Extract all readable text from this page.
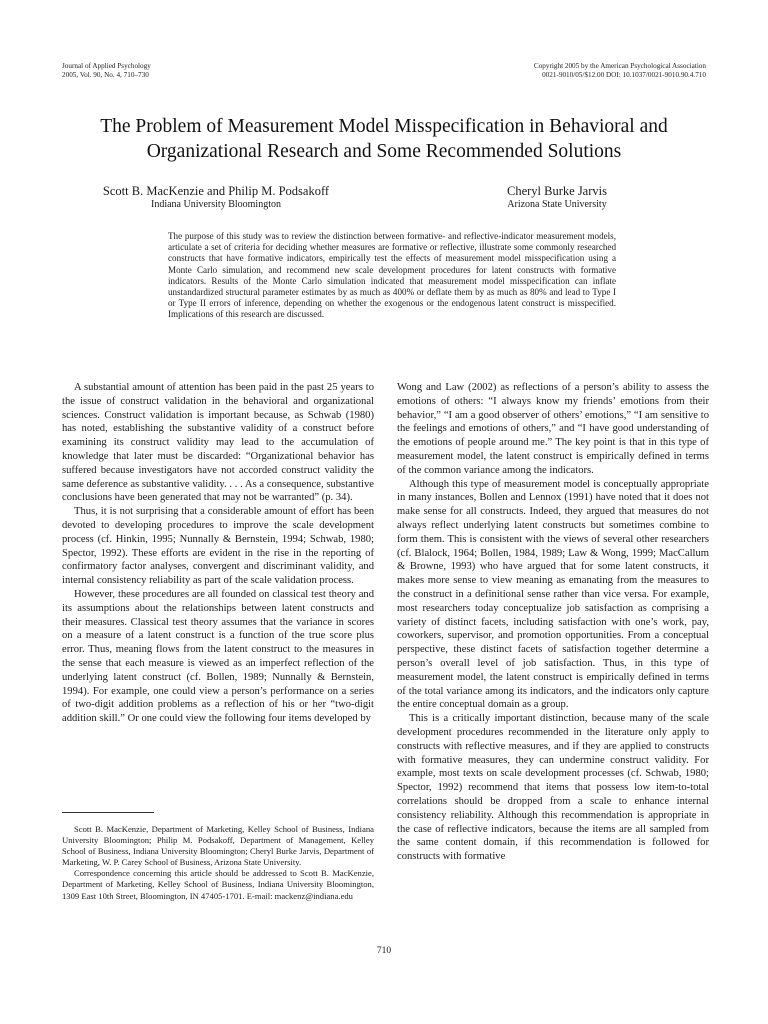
Journal of Applied Psychology
2005, Vol. 90, No. 4, 710–730
Copyright 2005 by the American Psychological Association
0021-9010/05/$12.00 DOI: 10.1037/0021-9010.90.4.710
The Problem of Measurement Model Misspecification in Behavioral and
Organizational Research and Some Recommended Solutions
Scott B. MacKenzie and Philip M. Podsakoff
Indiana University Bloomington
Cheryl Burke Jarvis
Arizona State University
The purpose of this study was to review the distinction between formative- and reflective-indicator measurement models, articulate a set of criteria for deciding whether measures are formative or reflective, illustrate some commonly researched constructs that have formative indicators, empirically test the effects of measurement model misspecification using a Monte Carlo simulation, and recommend new scale development procedures for latent constructs with formative indicators. Results of the Monte Carlo simulation indicated that measurement model misspecification can inflate unstandardized structural parameter estimates by as much as 400% or deflate them by as much as 80% and lead to Type I or Type II errors of inference, depending on whether the exogenous or the endogenous latent construct is misspecified. Implications of this research are discussed.

A substantial amount of attention has been paid in the past 25 years to the issue of construct validation in the behavioral and organizational sciences. Construct validation is important because, as Schwab (1980) has noted, establishing the substantive validity of a construct before examining its construct validity may lead to the accumulation of knowledge that later must be discarded: “Organizational behavior has suffered because investigators have not accorded construct validity the same deference as substantive validity. . . . As a consequence, substantive conclusions have been generated that may not be warranted” (p. 34).

Thus, it is not surprising that a considerable amount of effort has been devoted to developing procedures to improve the scale development process (cf. Hinkin, 1995; Nunnally & Bernstein, 1994; Schwab, 1980; Spector, 1992). These efforts are evident in the rise in the reporting of confirmatory factor analyses, convergent and discriminant validity, and internal consistency reliability as part of the scale validation process.

However, these procedures are all founded on classical test theory and its assumptions about the relationships between latent constructs and their measures. Classical test theory assumes that the variance in scores on a measure of a latent construct is a function of the true score plus error. Thus, meaning flows from the latent construct to the measures in the sense that each measure is viewed as an imperfect reflection of the underlying latent construct (cf. Bollen, 1989; Nunnally & Bernstein, 1994). For example, one could view a person’s performance on a series of two-digit addition problems as a reflection of his or her “two-digit addition skill.” Or one could view the following four items developed by

Wong and Law (2002) as reflections of a person’s ability to assess the emotions of others: “I always know my friends’ emotions from their behavior,” “I am a good observer of others’ emotions,” “I am sensitive to the feelings and emotions of others,” and “I have good understanding of the emotions of people around me.” The key point is that in this type of measurement model, the latent construct is empirically defined in terms of the common variance among the indicators.

Although this type of measurement model is conceptually appropriate in many instances, Bollen and Lennox (1991) have noted that it does not make sense for all constructs. Indeed, they argued that measures do not always reflect underlying latent constructs but sometimes combine to form them. This is consistent with the views of several other researchers (cf. Blalock, 1964; Bollen, 1984, 1989; Law & Wong, 1999; MacCallum & Browne, 1993) who have argued that for some latent constructs, it makes more sense to view meaning as emanating from the measures to the construct in a definitional sense rather than vice versa. For example, most researchers today conceptualize job satisfaction as comprising a variety of distinct facets, including satisfaction with one’s work, pay, coworkers, supervisor, and promotion opportunities. From a conceptual perspective, these distinct facets of satisfaction together determine a person’s overall level of job satisfaction. Thus, in this type of measurement model, the latent construct is empirically defined in terms of the total variance among its indicators, and the indicators only capture the entire conceptual domain as a group.

This is a critically important distinction, because many of the scale development procedures recommended in the literature only apply to constructs with reflective measures, and if they are applied to constructs with formative measures, they can undermine construct validity. For example, most texts on scale development processes (cf. Schwab, 1980; Spector, 1992) recommend that items that possess low item-to-total correlations should be dropped from a scale to enhance internal consistency reliability. Although this recommendation is appropriate in the case of reflective indicators, because the items are all sampled from the same content domain, if this recommendation is followed for constructs with formative

Scott B. MacKenzie, Department of Marketing, Kelley School of Business, Indiana University Bloomington; Philip M. Podsakoff, Department of Management, Kelley School of Business, Indiana University Bloomington; Cheryl Burke Jarvis, Department of Marketing, W. P. Carey School of Business, Arizona State University.

Correspondence concerning this article should be addressed to Scott B. MacKenzie, Department of Marketing, Kelley School of Business, Indiana University Bloomington, 1309 East 10th Street, Bloomington, IN 47405-1701. E-mail: mackenz@indiana.edu

710
